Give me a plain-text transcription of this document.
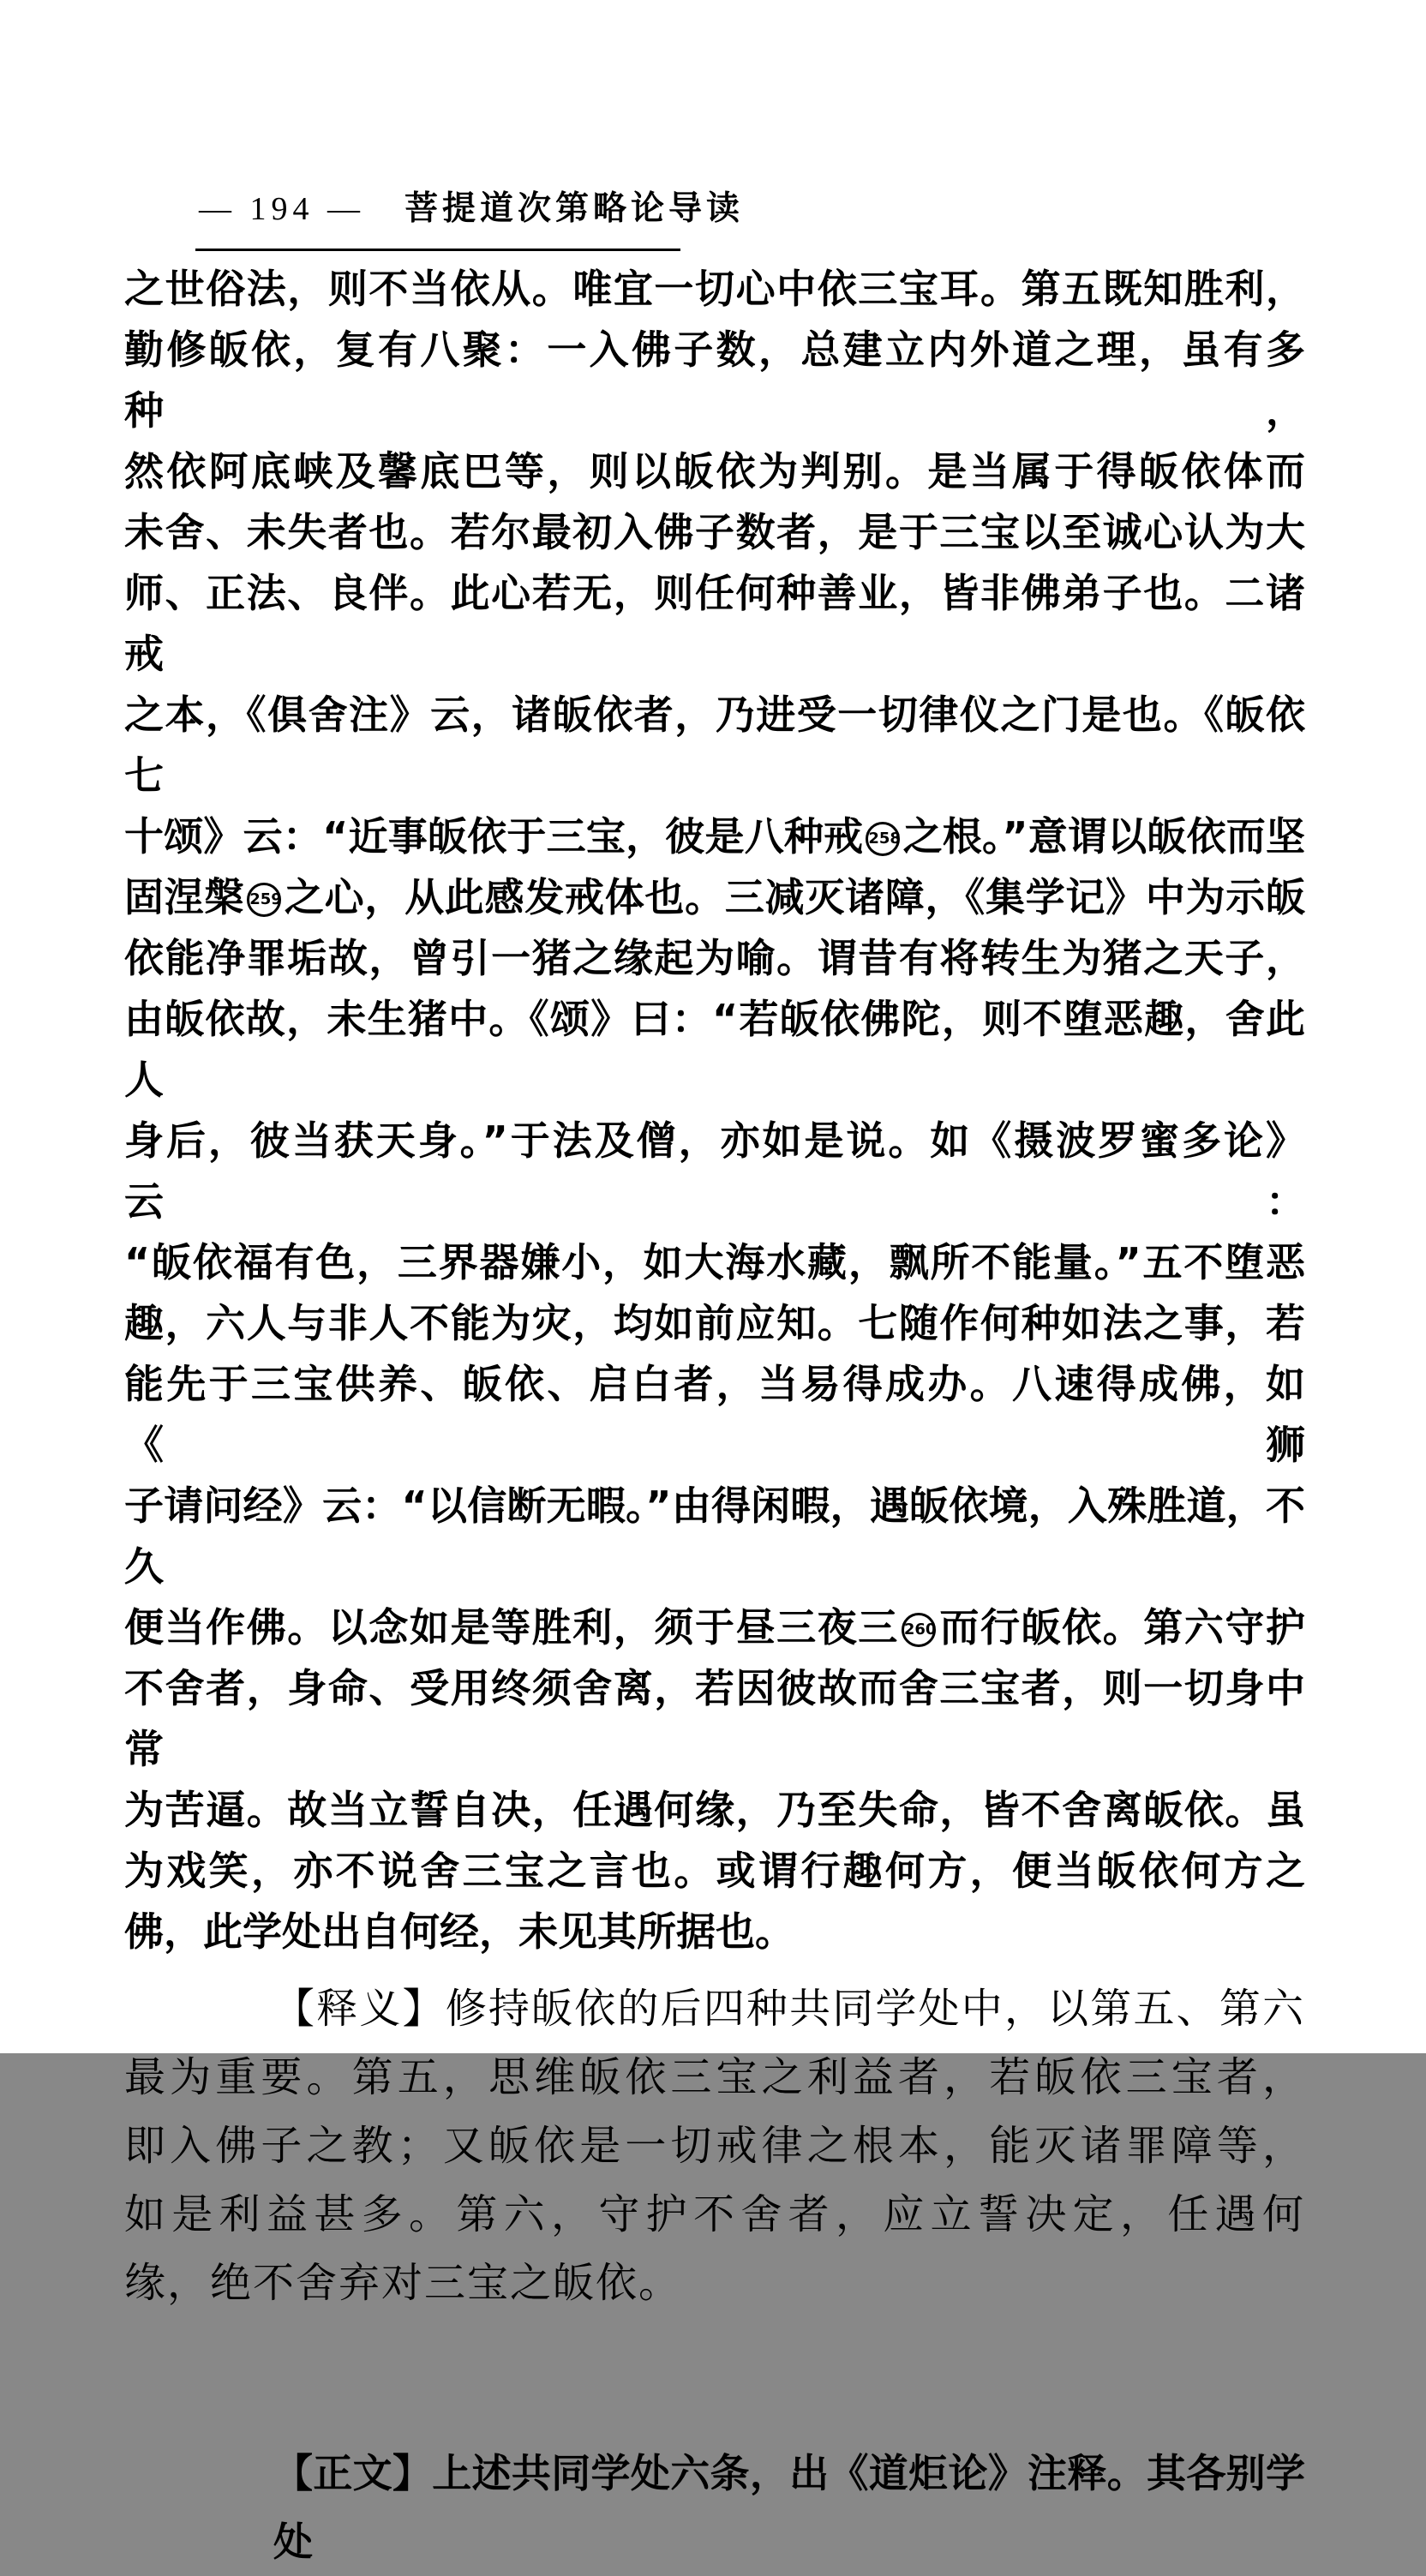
— 194 — 菩提道次第略论导读
之世俗法，则不当依从。唯宜一切心中依三宝耳。第五既知胜利，
勤修皈依，复有八聚：一入佛子数，总建立内外道之理，虽有多种，
然依阿底峡及馨底巴等，则以皈依为判别。是当属于得皈依体而
未舍、未失者也。若尔最初入佛子数者，是于三宝以至诚心认为大
师、正法、良伴。此心若无，则任何种善业，皆非佛弟子也。二诸戒
之本，《俱舍注》云，诸皈依者，乃进受一切律仪之门是也。《皈依七
十颂》云：“近事皈依于三宝，彼是八种戒 258之根。”意谓以皈依而坚
固涅槃 259之心，从此感发戒体也。三减灭诸障，《集学记》中为示皈
依能净罪垢故，曾引一猪之缘起为喻。谓昔有将转生为猪之天子，
由皈依故，未生猪中。《颂》曰：“若皈依佛陀，则不堕恶趣，舍此人
身后，彼当获天身。”于法及僧，亦如是说。如《摄波罗蜜多论》云：
“皈依福有色，三界器嫌小，如大海水藏，飘所不能量。”五不堕恶
趣，六人与非人不能为灾，均如前应知。七随作何种如法之事，若
能先于三宝供养、皈依、启白者，当易得成办。八速得成佛，如《狮
子请问经》云：“以信断无暇。”由得闲暇，遇皈依境，入殊胜道，不久
便当作佛。以念如是等胜利，须于昼三夜三 260而行皈依。第六守护
不舍者，身命、受用终须舍离，若因彼故而舍三宝者，则一切身中常
为苦逼。故当立誓自决，任遇何缘，乃至失命，皆不舍离皈依。虽
为戏笑，亦不说舍三宝之言也。或谓行趣何方，便当皈依何方之
佛，此学处出自何经，未见其所据也。
【释义】修持皈依的后四种共同学处中，以第五、第六
最为重要。第五，思维皈依三宝之利益者，若皈依三宝者，
即入佛子之教；又皈依是一切戒律之根本，能灭诸罪障等，
如是利益甚多。第六，守护不舍者，应立誓决定，任遇何
缘，绝不舍弃对三宝之皈依。
【正文】上述共同学处六条，出《道炬论》注释。其各别学处
